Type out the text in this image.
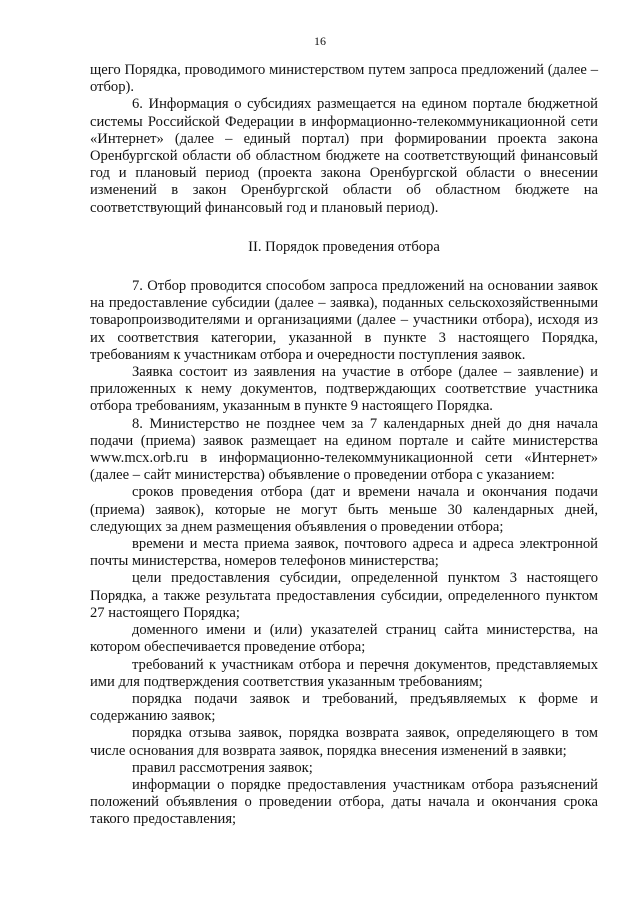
16

щего Порядка, проводимого министерством путем запроса предложений (далее – отбор).

6. Информация о субсидиях размещается на едином портале бюджетной системы Российской Федерации в информационно-телекоммуникационной сети «Интернет» (далее – единый портал) при формировании проекта закона Оренбургской области об областном бюджете на соответствующий финансовый год и плановый период (проекта закона Оренбургской области о внесении изменений в закон Оренбургской области об областном бюджете на соответствующий финансовый год и плановый период).

II. Порядок проведения отбора

7. Отбор проводится способом запроса предложений на основании заявок на предоставление субсидии (далее – заявка), поданных сельскохозяйственными товаропроизводителями и организациями (далее – участники отбора), исходя из их соответствия категории, указанной в пункте 3 настоящего Порядка, требованиям к участникам отбора и очередности поступления заявок.

Заявка состоит из заявления на участие в отборе (далее – заявление) и приложенных к нему документов, подтверждающих соответствие участника отбора требованиям, указанным в пункте 9 настоящего Порядка.

8. Министерство не позднее чем за 7 календарных дней до дня начала подачи (приема) заявок размещает на едином портале и сайте министерства www.mcx.orb.ru в информационно-телекоммуникационной сети «Интернет» (далее – сайт министерства) объявление о проведении отбора с указанием:

сроков проведения отбора (дат и времени начала и окончания подачи (приема) заявок), которые не могут быть меньше 30 календарных дней, следующих за днем размещения объявления о проведении отбора;

времени и места приема заявок, почтового адреса и адреса электронной почты министерства, номеров телефонов министерства;

цели предоставления субсидии, определенной пунктом 3 настоящего Порядка, а также результата предоставления субсидии, определенного пунктом 27 настоящего Порядка;

доменного имени и (или) указателей страниц сайта министерства, на котором обеспечивается проведение отбора;

требований к участникам отбора и перечня документов, представляемых ими для подтверждения соответствия указанным требованиям;

порядка подачи заявок и требований, предъявляемых к форме и содержанию заявок;

порядка отзыва заявок, порядка возврата заявок, определяющего в том числе основания для возврата заявок, порядка внесения изменений в заявки;

правил рассмотрения заявок;

информации о порядке предоставления участникам отбора разъяснений положений объявления о проведении отбора, даты начала и окончания срока такого предоставления;
